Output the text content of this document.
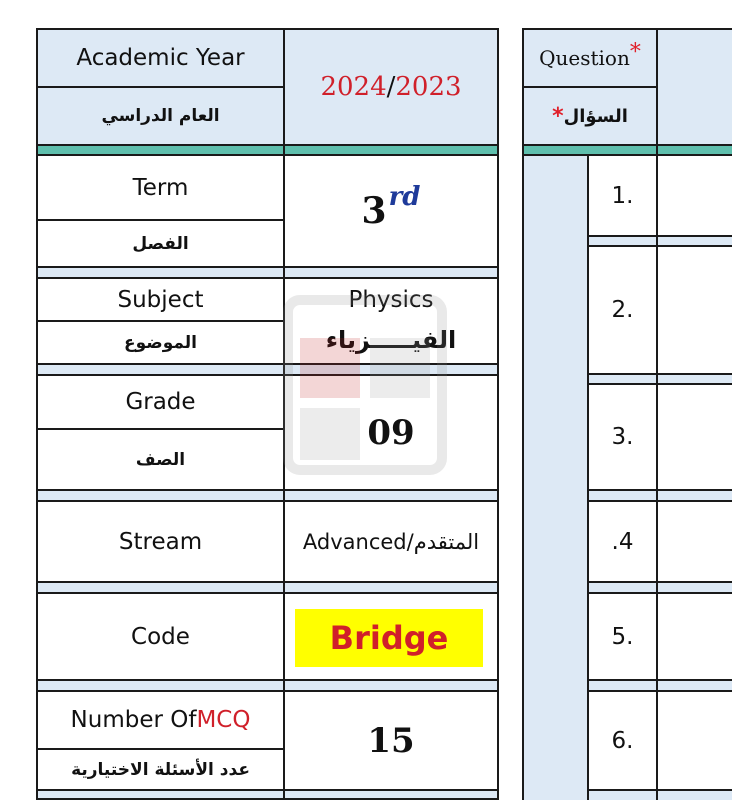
Academic Year
العام الدراسي
2024 / 2023
Term
الفصل
3 rd
Subject
الموضوع
Physics
الفيـــــزياء
Grade
الصف
09
Stream	Advanced/المتقدم
Code	Bridge
Number Of MCQ
عدد الأسئلة الاختيارية
15
Question *
السؤال
*
1.
2.
3.
.4
5.
6.
